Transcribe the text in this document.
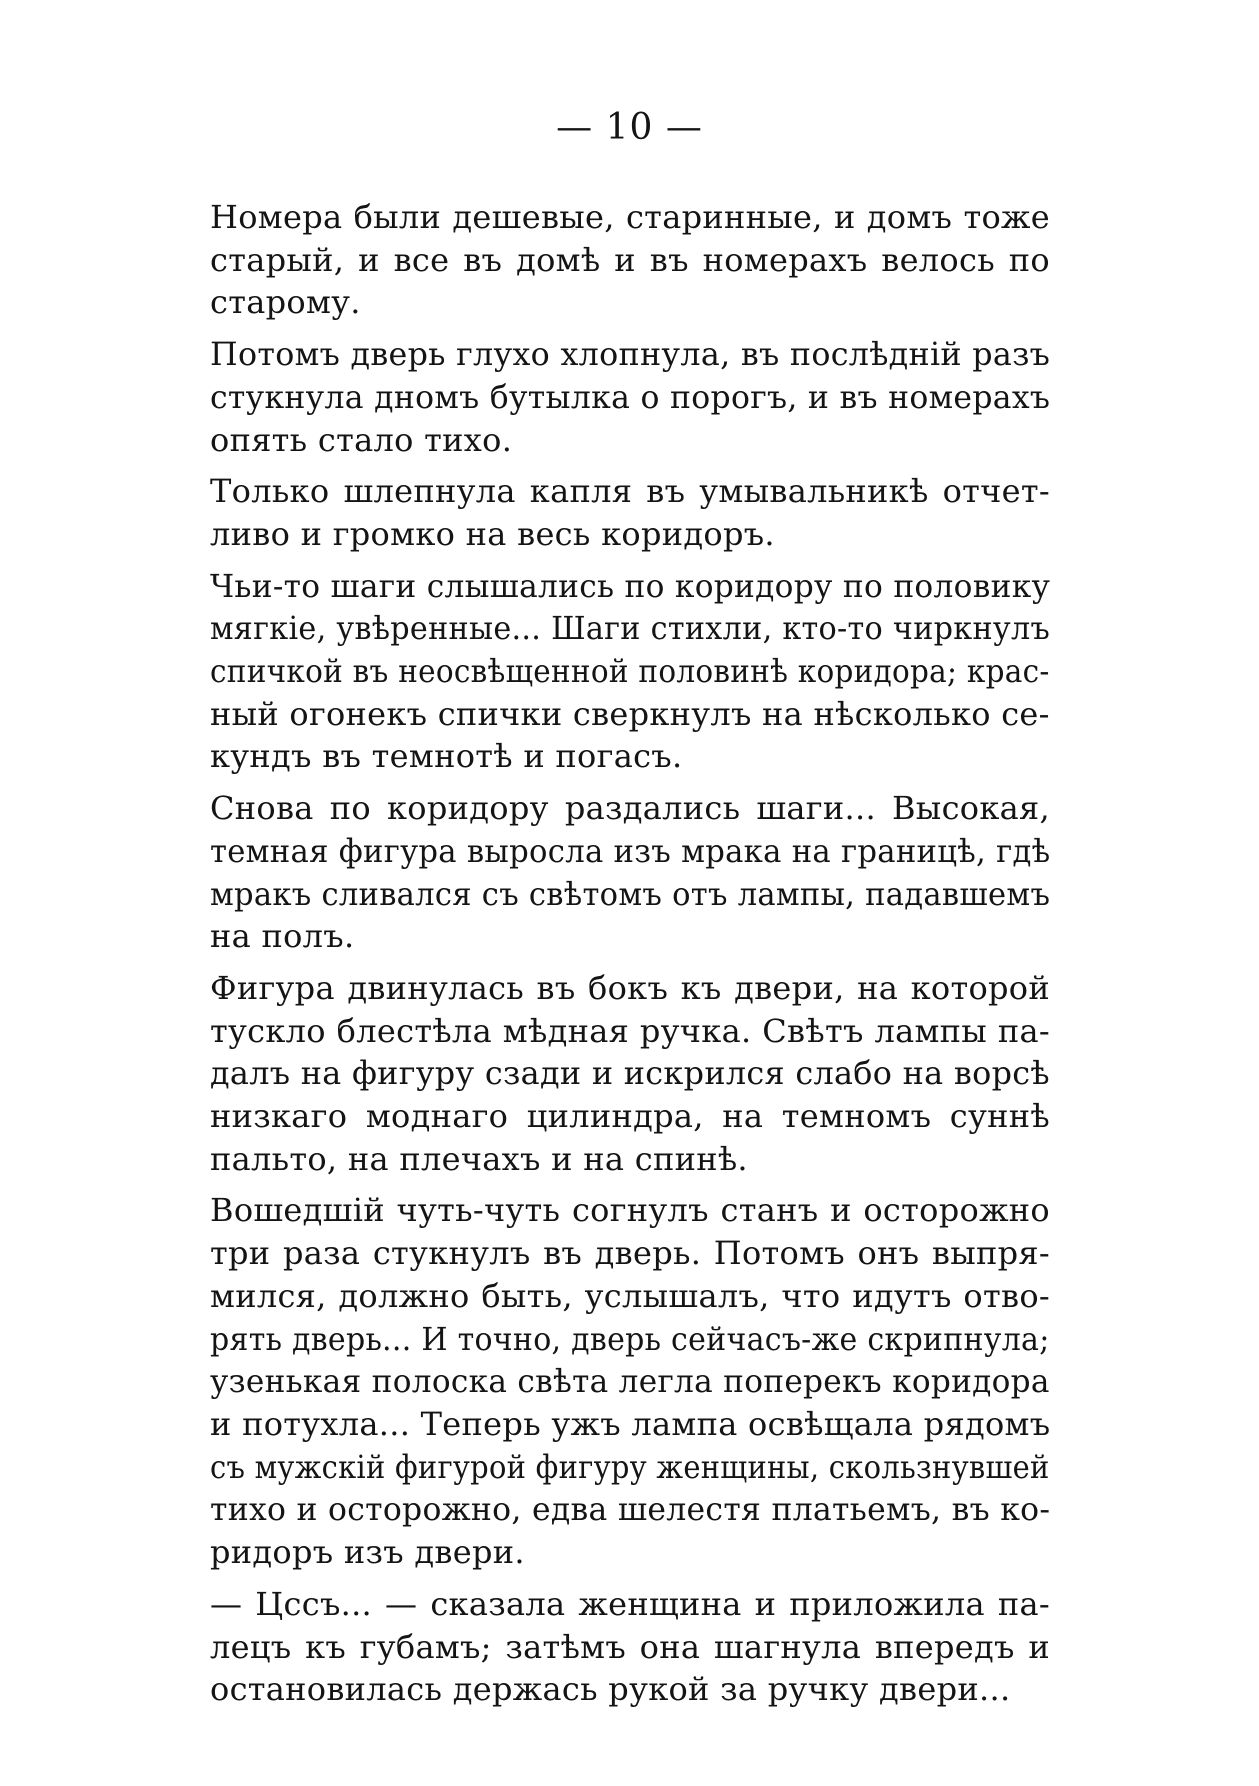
— 10 —
Номера были дешевые, старинные, и домъ тоже
старый, и все въ домѣ и въ номерахъ велось по
старому.
Потомъ дверь глухо хлопнула, въ послѣднiй разъ
стукнула дномъ бутылка о порогъ, и въ номерахъ
опять стало тихо.
Только шлепнула капля въ умывальникѣ отчет-
ливо и громко на весь коридоръ.
Чьи-то шаги слышались по коридору по половику
мягкiе, увѣренные... Шаги стихли, кто-то чиркнулъ
спичкой въ неосвѣщенной половинѣ коридора; крас-
ный огонекъ спички сверкнулъ на нѣсколько се-
кундъ въ темнотѣ и погасъ.
Снова по коридору раздались шаги... Высокая,
темная фигура выросла изъ мрака на границѣ, гдѣ
мракъ сливался съ свѣтомъ отъ лампы, падавшемъ
на полъ.
Фигура двинулась въ бокъ къ двери, на которой
тускло блестѣла мѣдная ручка. Свѣтъ лампы па-
далъ на фигуру сзади и искрился слабо на ворсѣ
низкаго моднаго цилиндра, на темномъ суннѣ
пальто, на плечахъ и на спинѣ.
Вошедшiй чуть-чуть согнулъ станъ и осторожно
три раза стукнулъ въ дверь. Потомъ онъ выпря-
мился, должно быть, услышалъ, что идутъ отво-
рять дверь... И точно, дверь сейчасъ-же скрипнула;
узенькая полоска свѣта легла поперекъ коридора
и потухла... Теперь ужъ лампа освѣщала рядомъ
съ мужскiй фигурой фигуру женщины, скользнувшей
тихо и осторожно, едва шелестя платьемъ, въ ко-
ридоръ изъ двери.
— Цссъ... — сказала женщина и приложила па-
лецъ къ губамъ; затѣмъ она шагнула впередъ и
остановилась держась рукой за ручку двери...
